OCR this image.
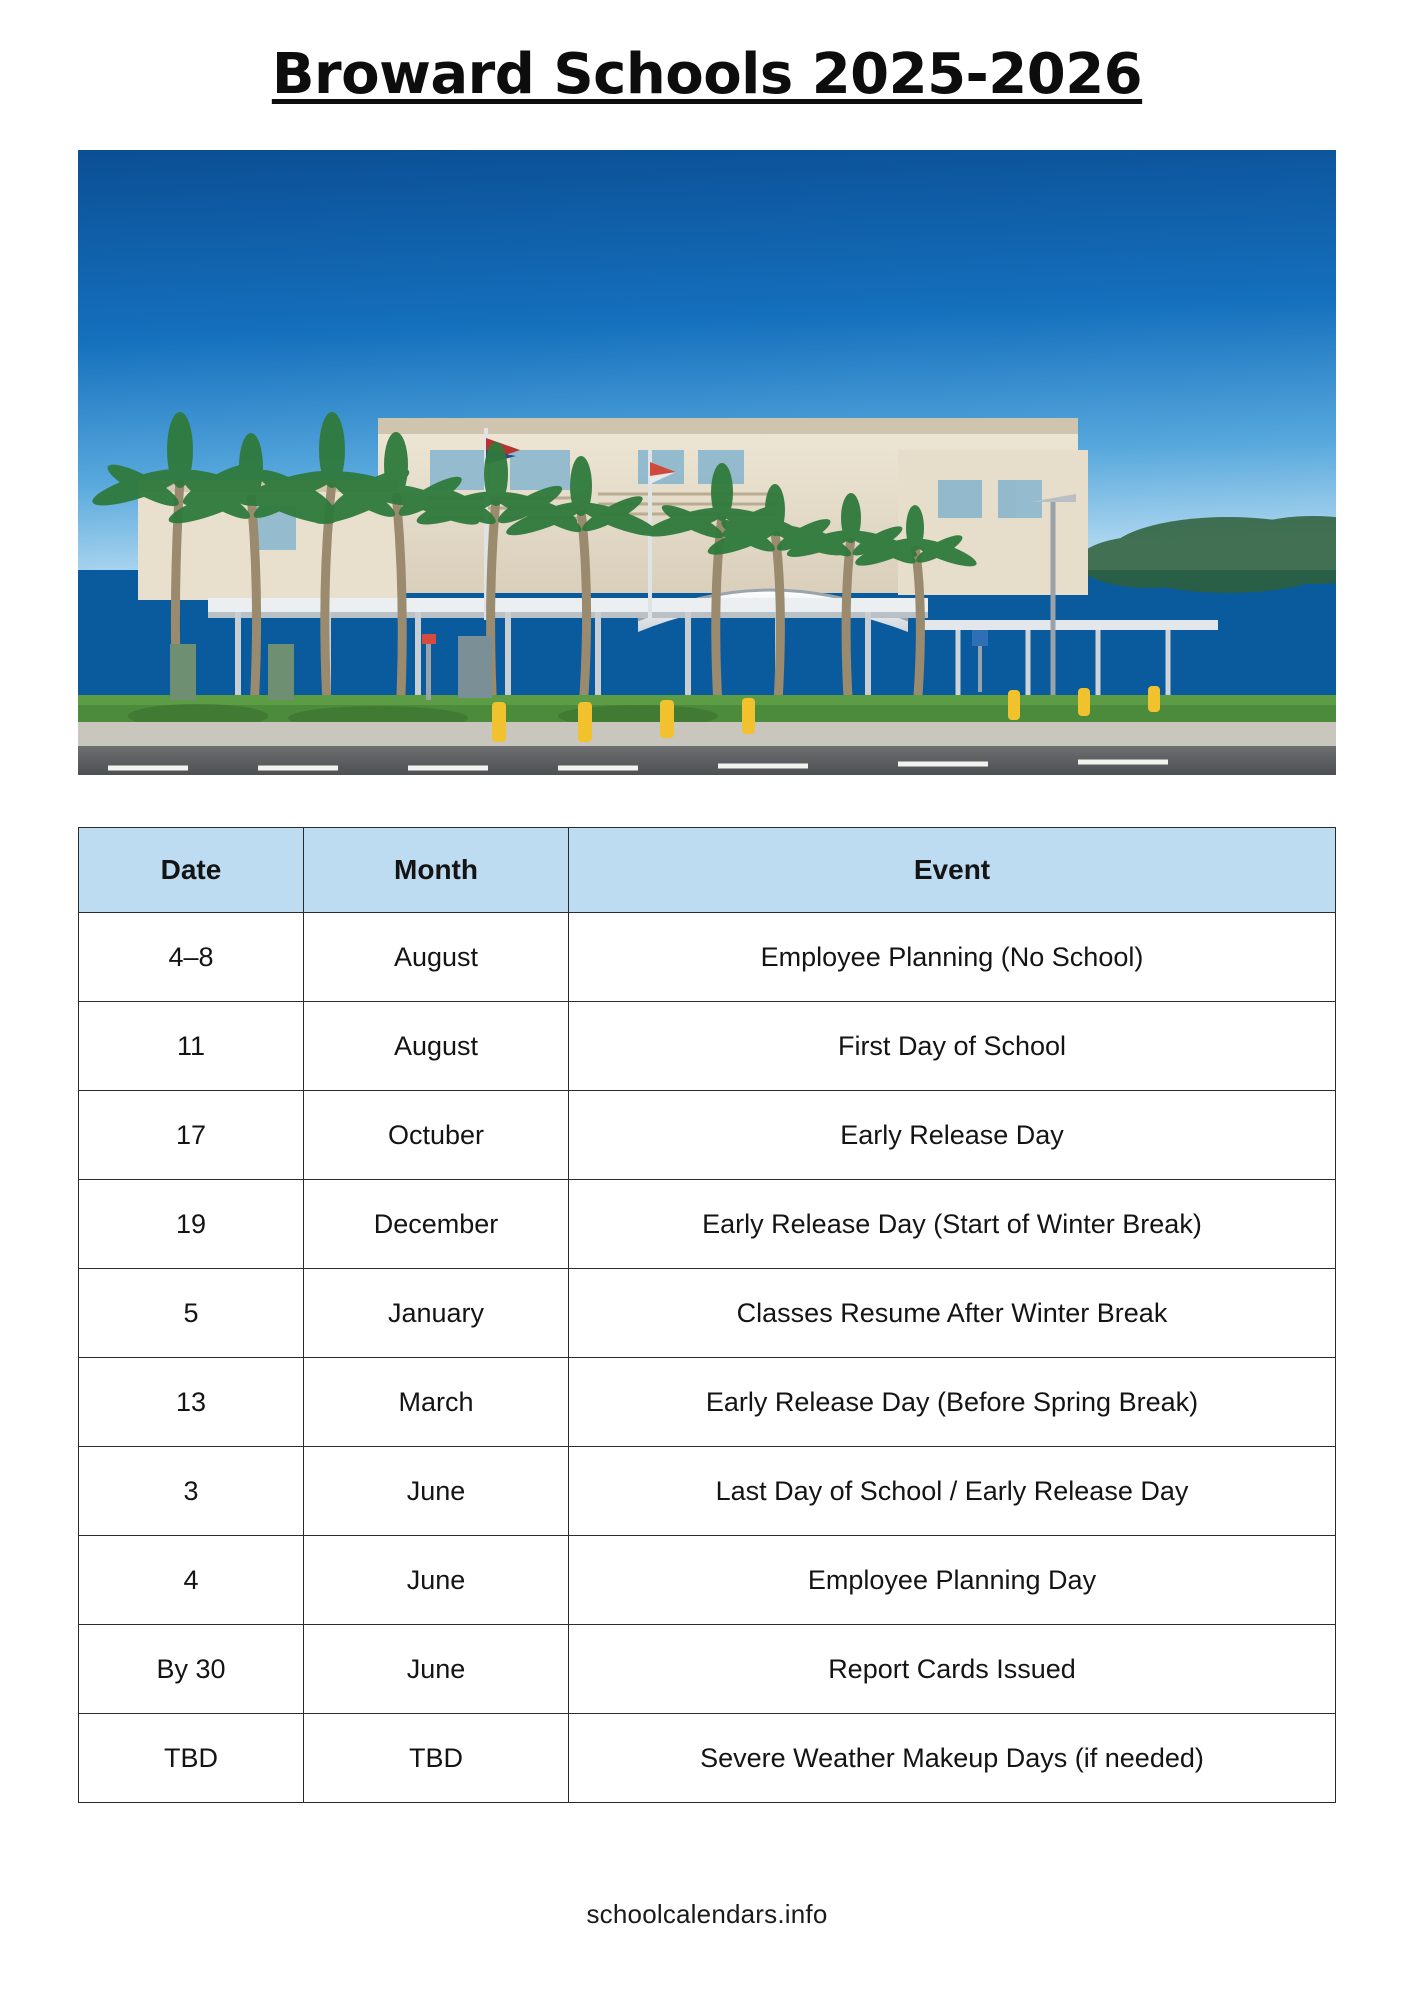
Broward Schools 2025-2026
Date	Month	Event
4–8	August	Employee Planning (No School)
11	August	First Day of School
17	Octuber	Early Release Day
19	December	Early Release Day (Start of Winter Break)
5	January	Classes Resume After Winter Break
13	March	Early Release Day (Before Spring Break)
3	June	Last Day of School / Early Release Day
4	June	Employee Planning Day
By 30	June	Report Cards Issued
TBD	TBD	Severe Weather Makeup Days (if needed)
schoolcalendars.info
